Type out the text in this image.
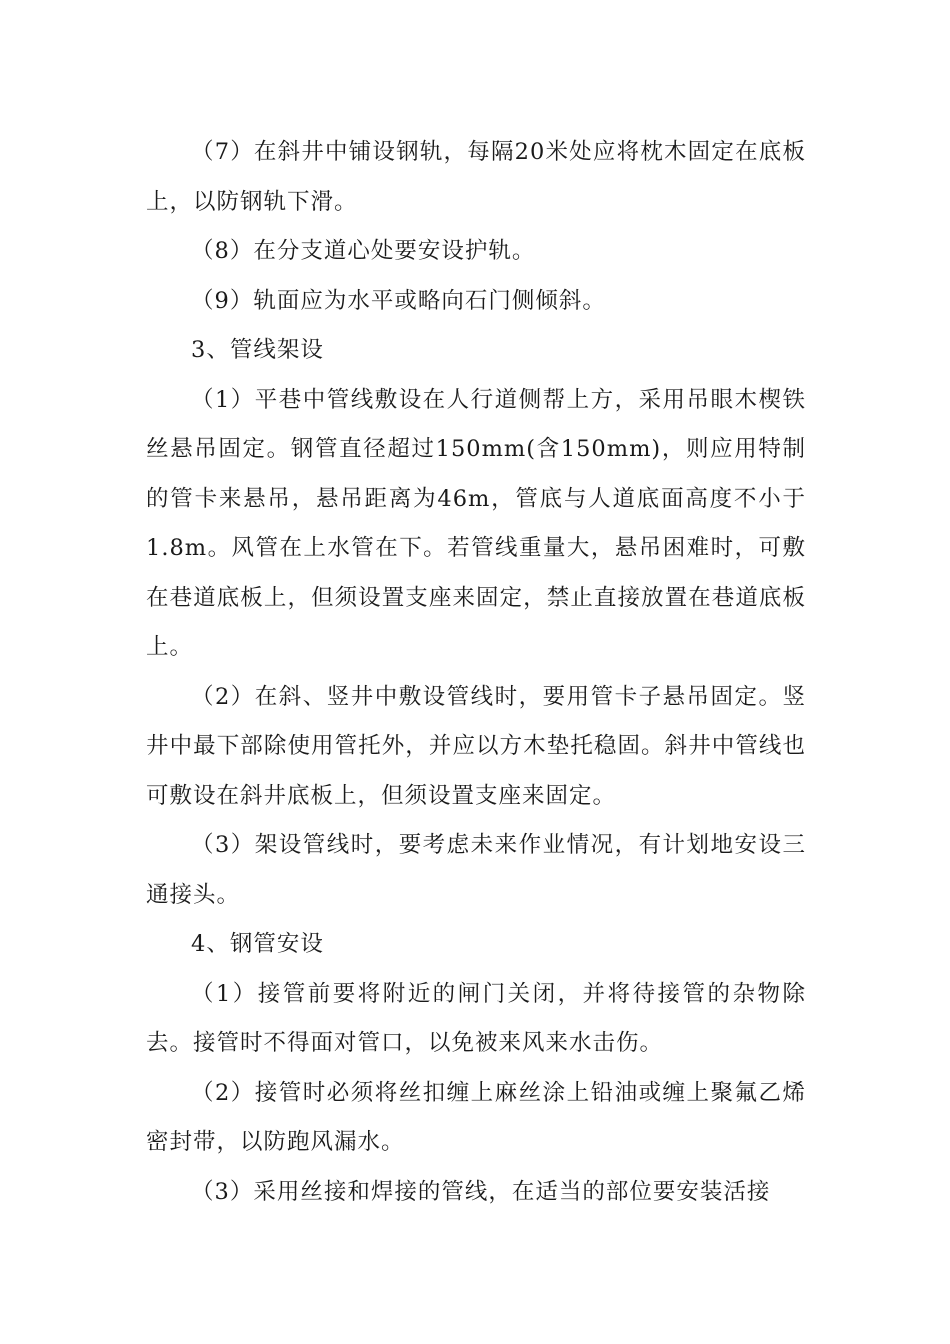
（7）在斜井中铺设钢轨，每隔20米处应将枕木固定在底板上，以防钢轨下滑。

（8）在分支道心处要安设护轨。

（9）轨面应为水平或略向石门侧倾斜。

3、管线架设

（1）平巷中管线敷设在人行道侧帮上方，采用吊眼木楔铁丝悬吊固定。钢管直径超过150mm(含150mm)，则应用特制的管卡来悬吊，悬吊距离为46m，管底与人道底面高度不小于1.8m。风管在上水管在下。若管线重量大，悬吊困难时，可敷在巷道底板上，但须设置支座来固定，禁止直接放置在巷道底板上。

（2）在斜、竖井中敷设管线时，要用管卡子悬吊固定。竖井中最下部除使用管托外，并应以方木垫托稳固。斜井中管线也可敷设在斜井底板上，但须设置支座来固定。

（3）架设管线时，要考虑未来作业情况，有计划地安设三通接头。

4、钢管安设

（1）接管前要将附近的闸门关闭，并将待接管的杂物除去。接管时不得面对管口，以免被来风来水击伤。

（2）接管时必须将丝扣缠上麻丝涂上铅油或缠上聚氟乙烯密封带，以防跑风漏水。

（3）采用丝接和焊接的管线，在适当的部位要安装活接
